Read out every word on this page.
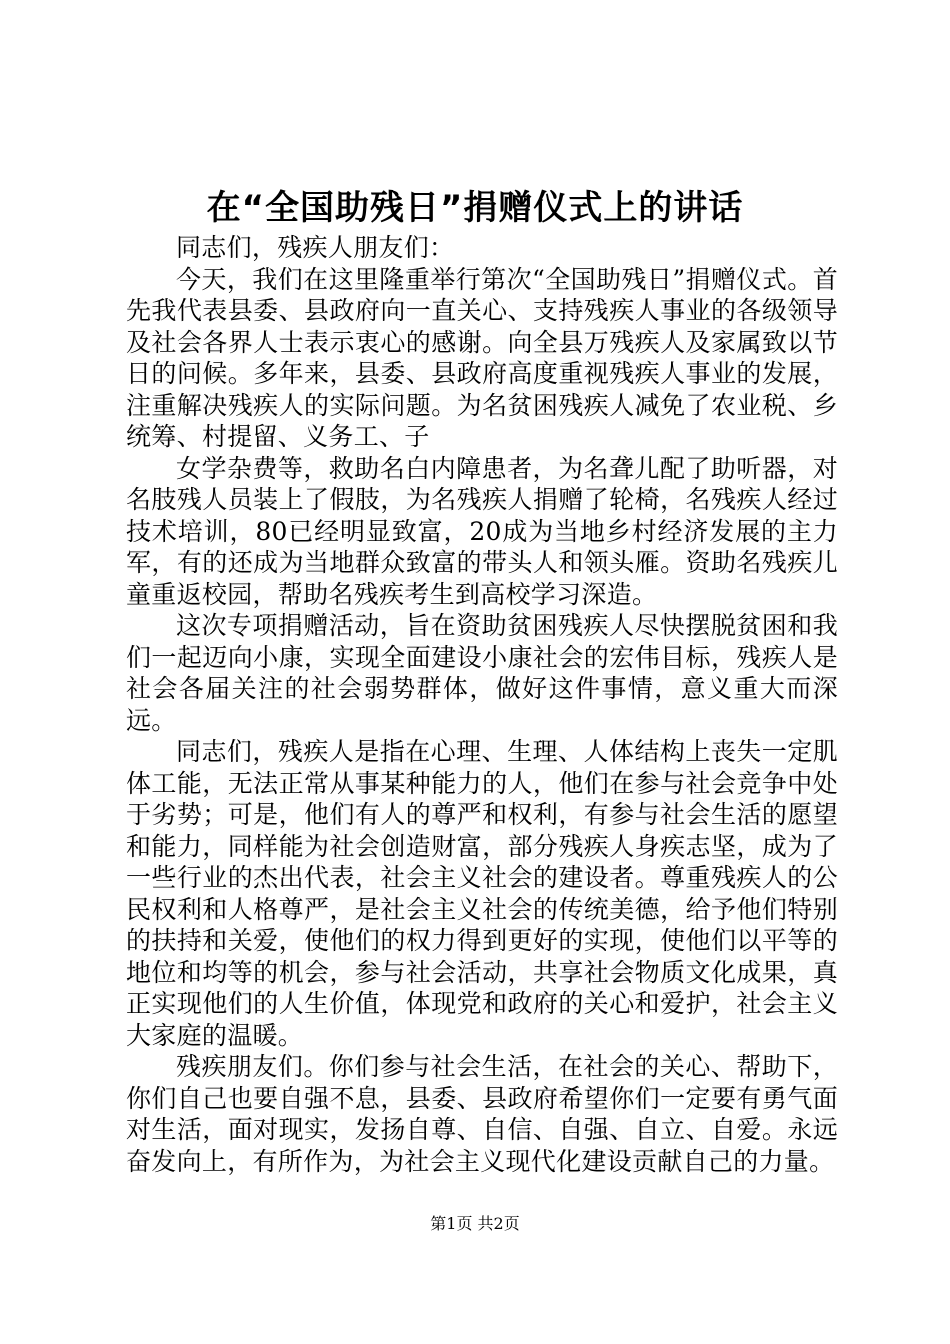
在“全国助残日”捐赠仪式上的讲话

同志们，残疾人朋友们：

今天，我们在这里隆重举行第次“全国助残日”捐赠仪式。首先我代表县委、县政府向一直关心、支持残疾人事业的各级领导及社会各界人士表示衷心的感谢。向全县万残疾人及家属致以节日的问候。多年来，县委、县政府高度重视残疾人事业的发展，注重解决残疾人的实际问题。为名贫困残疾人减免了农业税、乡统筹、村提留、义务工、子

女学杂费等，救助名白内障患者，为名聋儿配了助听器，对名肢残人员装上了假肢，为名残疾人捐赠了轮椅，名残疾人经过技术培训，80已经明显致富，20成为当地乡村经济发展的主力军，有的还成为当地群众致富的带头人和领头雁。资助名残疾儿童重返校园，帮助名残疾考生到高校学习深造。

这次专项捐赠活动，旨在资助贫困残疾人尽快摆脱贫困和我们一起迈向小康，实现全面建设小康社会的宏伟目标，残疾人是社会各届关注的社会弱势群体，做好这件事情，意义重大而深远。

同志们，残疾人是指在心理、生理、人体结构上丧失一定肌体工能，无法正常从事某种能力的人，他们在参与社会竞争中处于劣势；可是，他们有人的尊严和权利，有参与社会生活的愿望和能力，同样能为社会创造财富，部分残疾人身疾志坚，成为了一些行业的杰出代表，社会主义社会的建设者。尊重残疾人的公民权利和人格尊严，是社会主义社会的传统美德，给予他们特别的扶持和关爱，使他们的权力得到更好的实现，使他们以平等的地位和均等的机会，参与社会活动，共享社会物质文化成果，真正实现他们的人生价值，体现党和政府的关心和爱护，社会主义大家庭的温暖。

残疾朋友们。你们参与社会生活，在社会的关心、帮助下，你们自己也要自强不息，县委、县政府希望你们一定要有勇气面对生活，面对现实，发扬自尊、自信、自强、自立、自爱。永远奋发向上，有所作为，为社会主义现代化建设贡献自己的力量。

第1页 共2页
